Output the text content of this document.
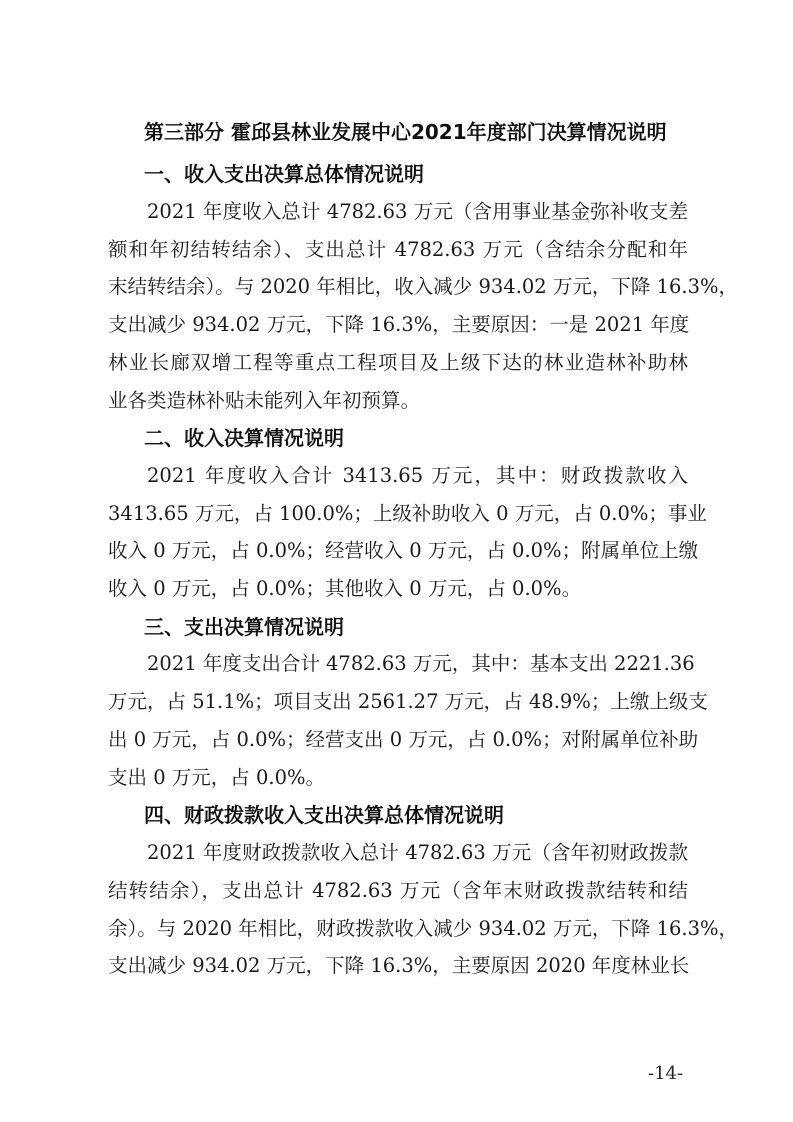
第三部分 霍邱县林业发展中心2021年度部门决算情况说明
一、收入支出决算总体情况说明
2021 年度收入总计 4782.63 万元（含用事业基金弥补收支差
额和年初结转结余）、支出总计 4782.63 万元（含结余分配和年
末结转结余）。与 2020 年相比，收入减少 934.02 万元，下降 16.3%，
支出减少 934.02 万元，下降 16.3%，主要原因：一是 2021 年度
林业长廊双增工程等重点工程项目及上级下达的林业造林补助林
业各类造林补贴未能列入年初预算。
二、收入决算情况说明
2021 年度收入合计 3413.65 万元，其中：财政拨款收入
3413.65 万元，占 100.0%；上级补助收入 0 万元，占 0.0%；事业
收入 0 万元，占 0.0%；经营收入 0 万元，占 0.0%；附属单位上缴
收入 0 万元，占 0.0%；其他收入 0 万元，占 0.0%。
三、支出决算情况说明
2021 年度支出合计 4782.63 万元，其中：基本支出 2221.36
万元，占 51.1%；项目支出 2561.27 万元，占 48.9%；上缴上级支
出 0 万元，占 0.0%；经营支出 0 万元，占 0.0%；对附属单位补助
支出 0 万元，占 0.0%。
四、财政拨款收入支出决算总体情况说明
2021 年度财政拨款收入总计 4782.63 万元（含年初财政拨款
结转结余），支出总计 4782.63 万元（含年末财政拨款结转和结
余）。与 2020 年相比，财政拨款收入减少 934.02 万元，下降 16.3%，
支出减少 934.02 万元，下降 16.3%，主要原因 2020 年度林业长
-14-
